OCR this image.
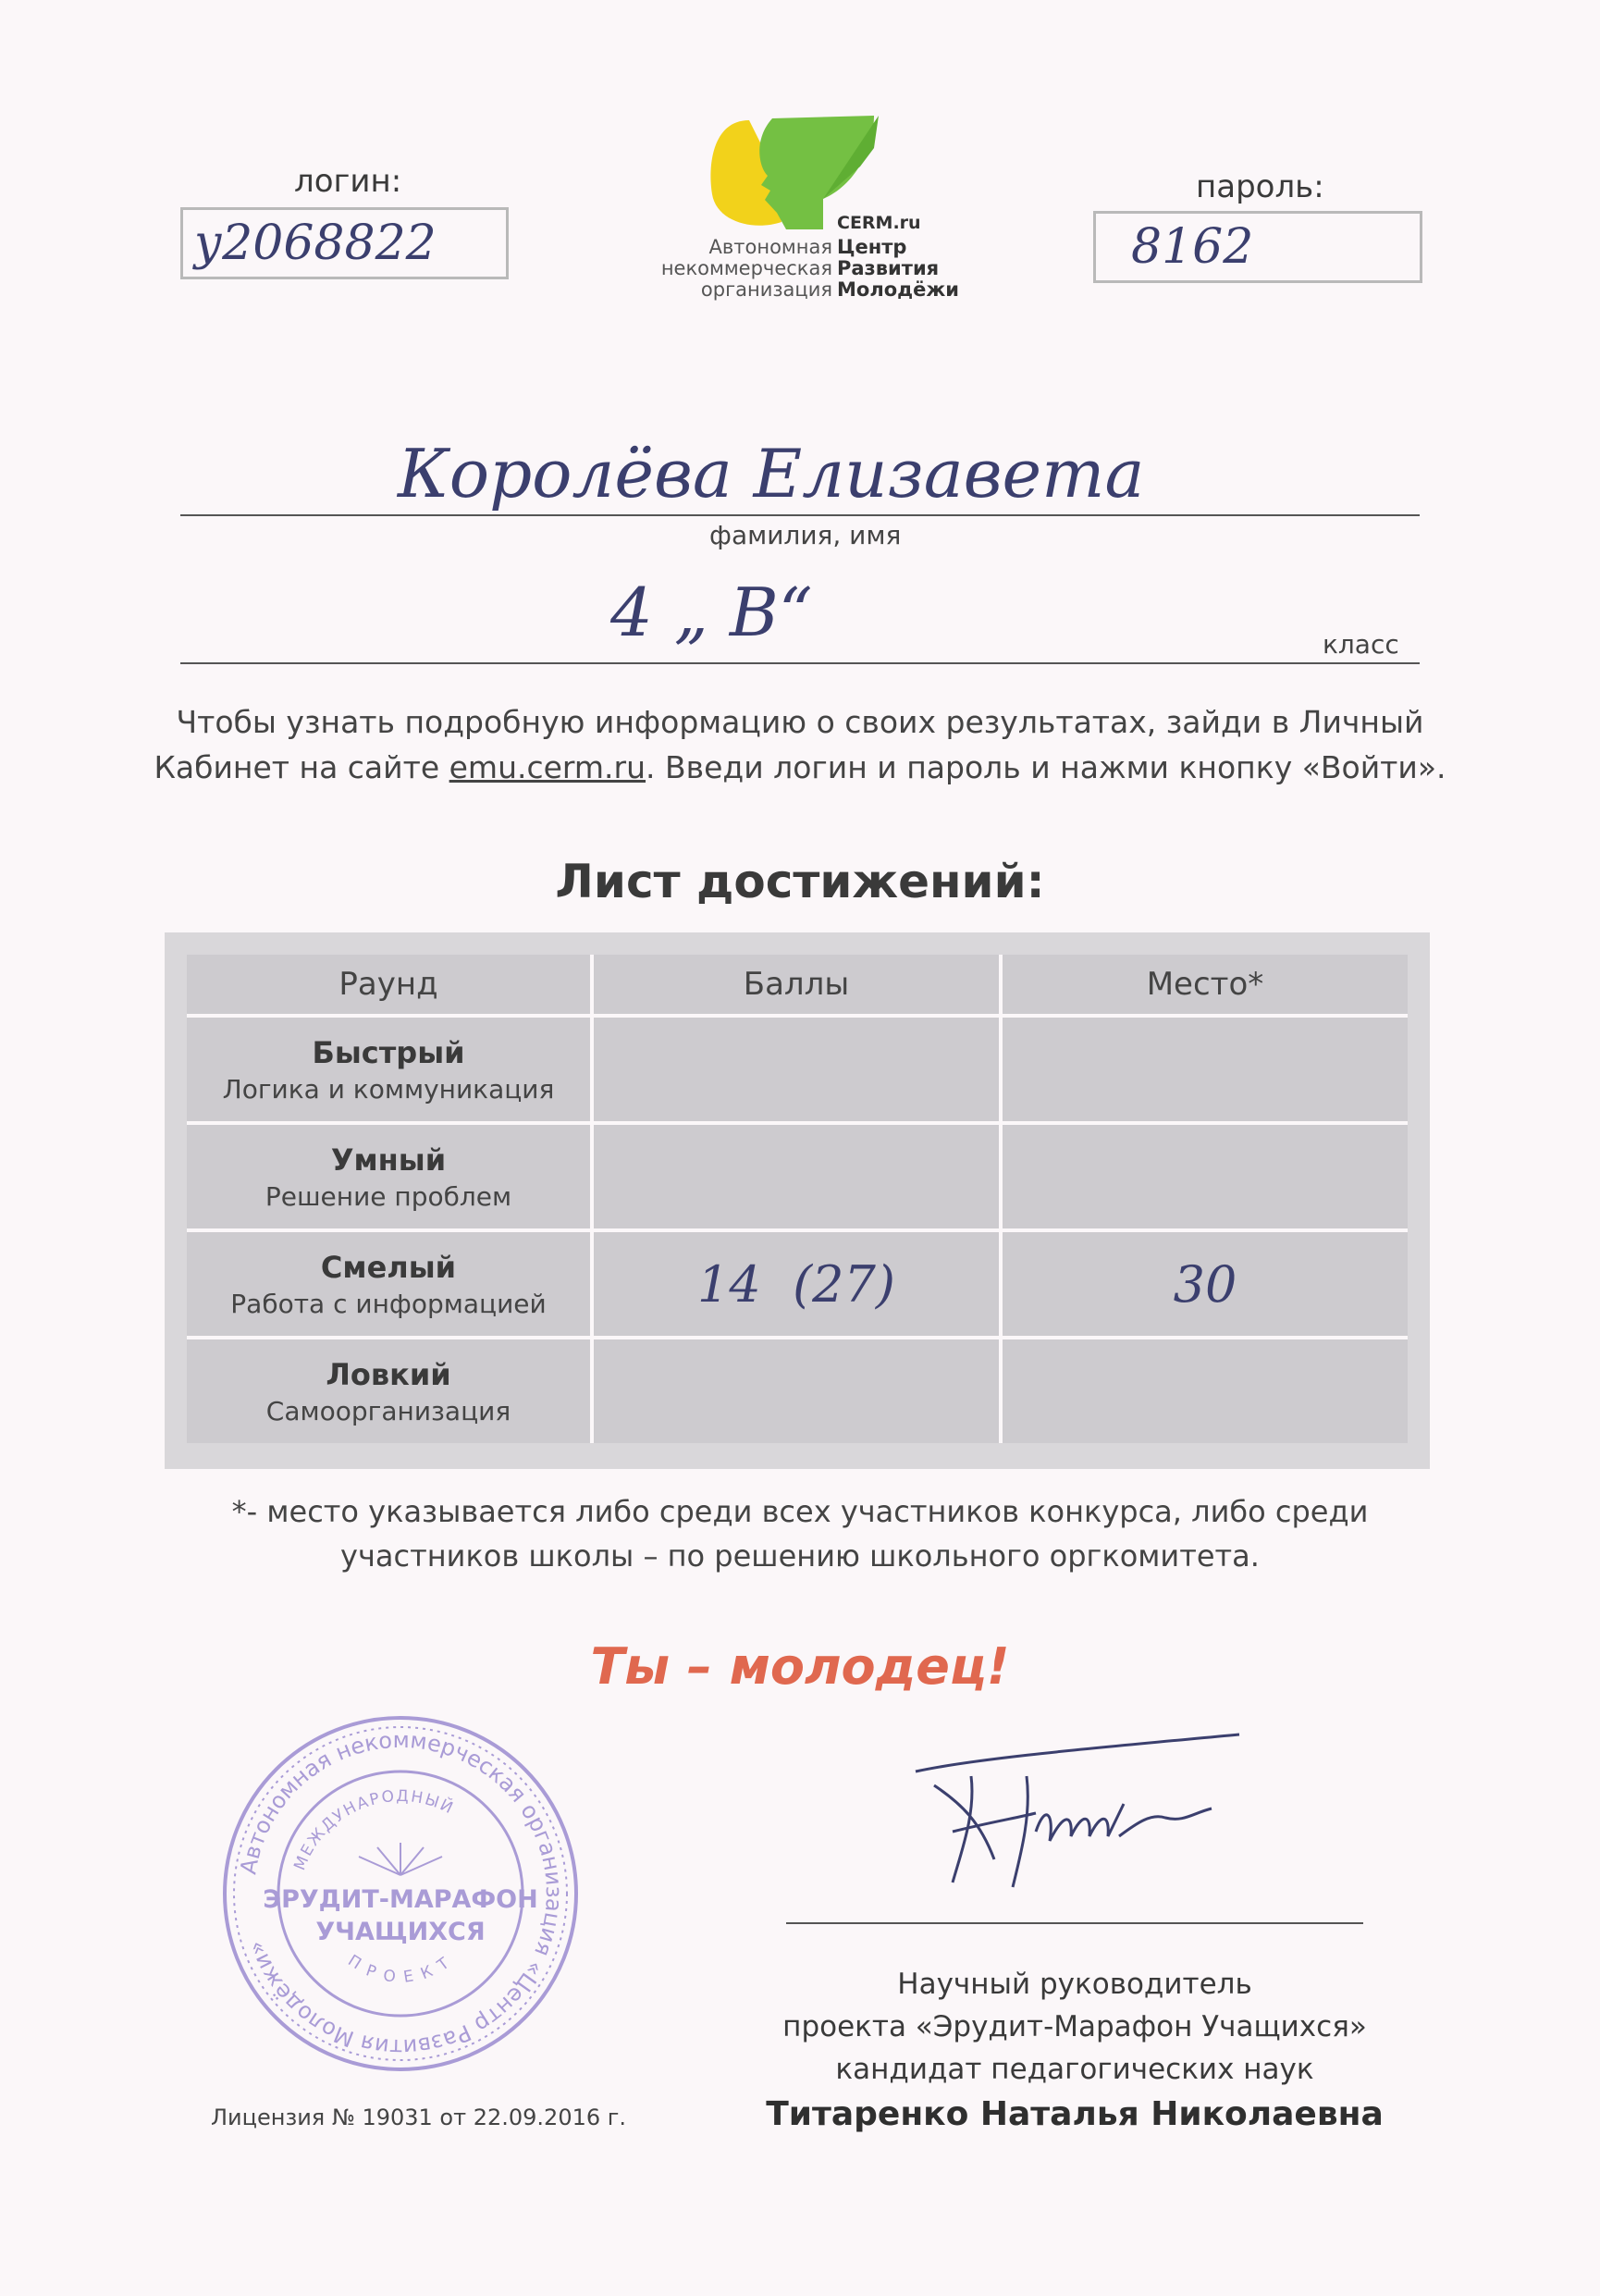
логин:
у2068822
пароль:
8162
CERM.ru
Автономная
некоммерческая
организация
Центр
Развития
Молодёжи
Королёва Елизавета
фамилия, имя
4 „ В“	класс
Чтобы узнать подробную информацию о своих результатах, зайди в Личный
Кабинет на сайте emu.cerm.ru. Введи логин и пароль и нажми кнопку «Войти».
Лист достижений:
Раунд	Баллы	Место*
Быстрый
Логика и коммуникация
Умный
Решение проблем
Смелый
Работа с информацией	14  (27)	30
Ловкий
Самоорганизация
*- место указывается либо среди всех участников конкурса, либо среди
участников школы – по решению школьного оргкомитета.
Ты – молодец!
Автономная некоммерческая организация «Центр Развития Молодёжи»
МЕЖДУНАРОДНЫЙ
ЭРУДИТ-МАРАФОН
УЧАЩИХСЯ
ПРОЕКТ
Лицензия № 19031 от 22.09.2016 г.
Научный руководитель
проекта «Эрудит-Марафон Учащихся»
кандидат педагогических наук
Титаренко Наталья Николаевна
